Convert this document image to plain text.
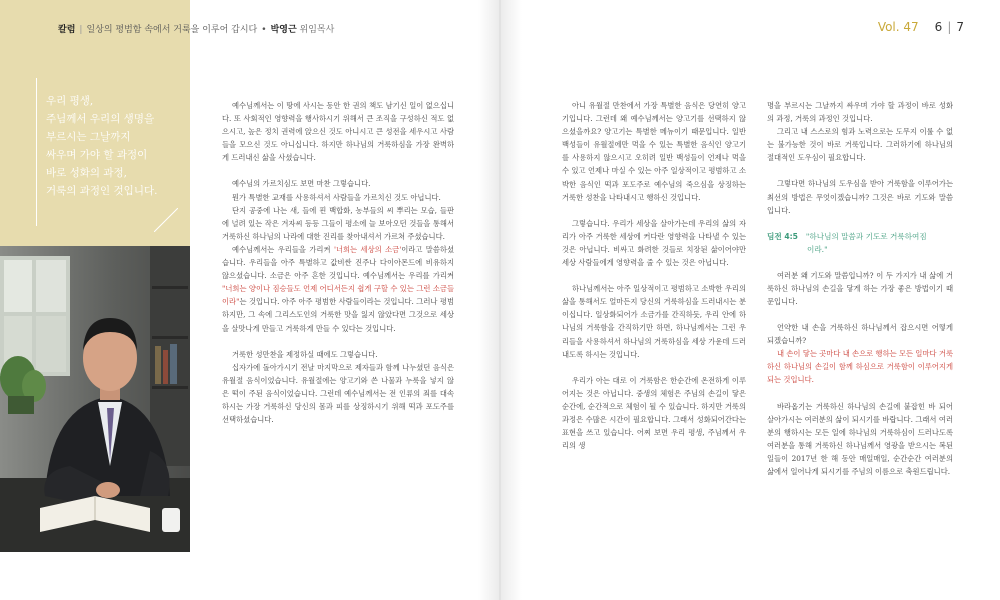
우리 평생,
주님께서 우리의 생명을
부르시는 그날까지
싸우며 가야 할 과정이
바로 성화의 과정,
거룩의 과정인 것입니다.
칼럼 | 일상의 평범함 속에서 거룩을 이루어 갑시다 • 박영근 위임목사

예수님께서는 이 땅에 사시는 동안 한 권의 책도 남기신 일이 없으십니다. 또 사회적인 영향력을 행사하시기 위해서 큰 조직을 구성하신 적도 없으시고, 높은 정치 권력에 앉으신 것도 아니시고 큰 성전을 세우시고 사람들을 모으신 것도 아니십니다. 하지만 하나님의 거룩하심을 가장 완벽하게 드러내신 삶을 사셨습니다.

예수님의 가르치심도 보면 마찬 그렇습니다.

뭔가 특별한 교재를 사용하셔서 사람들을 가르치신 것도 아닙니다.

단지 공중에 나는 새, 들에 핀 백합화, 농부들의 씨 뿌리는 모습, 들판에 널려 있는 작은 겨자씨 등등 그들이 평소에 늘 보아오던 것들을 통해서 거룩하신 하나님의 나라에 대한 진리를 찾아내셔서 가르쳐 주셨습니다.

예수님께서는 우리들을 가리켜 '너희는 세상의 소금'이라고 말씀하셨습니다. 우리들을 아주 특별하고 값비싼 진주나 다이아몬드에 비유하지 않으셨습니다. 소금은 아주 흔한 것입니다. 예수님께서는 우리를 가리켜 "너희는 양이나 짐승들도 언제 어디서든지 쉽게 구할 수 있는 그런 소금들이라"는 것입니다. 아주 아주 평범한 사람들이라는 것입니다. 그러나 평범하지만, 그 속에 그리스도인의 거룩한 맛을 잃지 않았다면 그것으로 세상을 살맛나게 만들고 거룩하게 만들 수 있다는 것입니다.

거룩한 성만찬을 제정하실 때에도 그렇습니다.

십자가에 돌아가시기 전날 마지막으로 제자들과 함께 나누셨던 음식은 유월절 음식이었습니다. 유월절에는 양고기와 쓴 나물과 누룩을 넣지 않은 떡이 주된 음식이었습니다. 그런데 예수님께서는 전 인류의 죄를 대속하시는 가장 거룩하신 당신의 몸과 피를 상징하시기 위해 떡과 포도주를 선택하셨습니다.

Vol. 47 6 | 7

아니 유월절 만찬에서 가장 특별한 음식은 당연히 양고기입니다. 그런데 왜 예수님께서는 양고기를 선택하지 않으셨을까요? 양고기는 특별한 메뉴이기 때문입니다. 일반 백성들이 유월절에만 먹을 수 있는 특별한 음식인 양고기를 사용하지 않으시고 오히려 일반 백성들이 언제나 먹을 수 있고 언제나 마실 수 있는 아주 일상적이고 평범하고 소박한 음식인 떡과 포도주로 예수님의 죽으심을 상징하는 거룩한 성찬을 나타내시고 행하신 것입니다.

그렇습니다. 우리가 세상을 살아가는데 우리의 삶의 자리가 아주 거룩한 세상에 커다란 영향력을 나타낼 수 있는 것은 아닙니다. 비싸고 화려한 것들로 치장된 삶이어야만 세상 사람들에게 영향력을 줄 수 있는 것은 아닙니다.

하나님께서는 아주 일상적이고 평범하고 소박한 우리의 삶을 통해서도 얼마든지 당신의 거룩하심을 드러내시는 분이십니다. 일상화되어가 소금가를 간직하듯, 우리 안에 하나님의 거룩함을 간직하기만 하면, 하나님께서는 그런 우리들을 사용하셔서 하나님의 거룩하심을 세상 가운데 드러내도록 하시는 것입니다.

우리가 아는 대로 이 거룩함은 한순간에 온전하게 이루어지는 것은 아닙니다. 중생의 체험은 주님의 손길이 닿은 순간에, 순간적으로 체험이 될 수 있습니다. 하지만 거룩의 과정은 수많은 시간이 필요합니다. 그래서 성화되어간다는 표현을 쓰고 있습니다. 어찌 보면 우리 평생, 주님께서 우리의 생

명을 부르시는 그날까지 싸우며 가야 할 과정이 바로 성화의 과정, 거룩의 과정인 것입니다.

그리고 내 스스로의 힘과 노력으로는 도무지 이룰 수 없는 불가능한 것이 바로 거룩입니다. 그러하기에 하나님의 절대적인 도우심이 필요합니다.

그렇다면 하나님의 도우심을 받아 거룩함을 이루어가는 최선의 방법은 무엇이겠습니까? 그것은 바로 기도와 말씀입니다.

딤전 4:5 "하나님의 말씀과 기도로 거룩하여짐
이라."

여러분 왜 기도와 말씀입니까? 이 두 가지가 내 삶에 거룩하신 하나님의 손길을 닿게 하는 가장 좋은 방법이기 때문입니다.

언약한 내 손을 거룩하신 하나님께서 잡으시면 어떻게 되겠습니까?

내 손이 닿는 곳마다 내 손으로 행하는 모든 일마다 거룩하신 하나님의 손길이 함께 하심으로 거룩함이 이루어지게 되는 것입니다.

바라옵기는 거룩하신 하나님의 손길에 붙잡힌 바 되어 살아가시는 여러분의 삶이 되시기를 바랍니다. 그래서 여러분의 행하시는 모든 일에 하나님의 거룩하심이 드러나도록 여러분을 통해 거룩하신 하나님께서 영광을 받으시는 복된 일들이 2017년 한 해 동안 매일매일, 순간순간 여러분의 삶에서 일어나게 되시기를 주님의 이름으로 축원드립니다.
